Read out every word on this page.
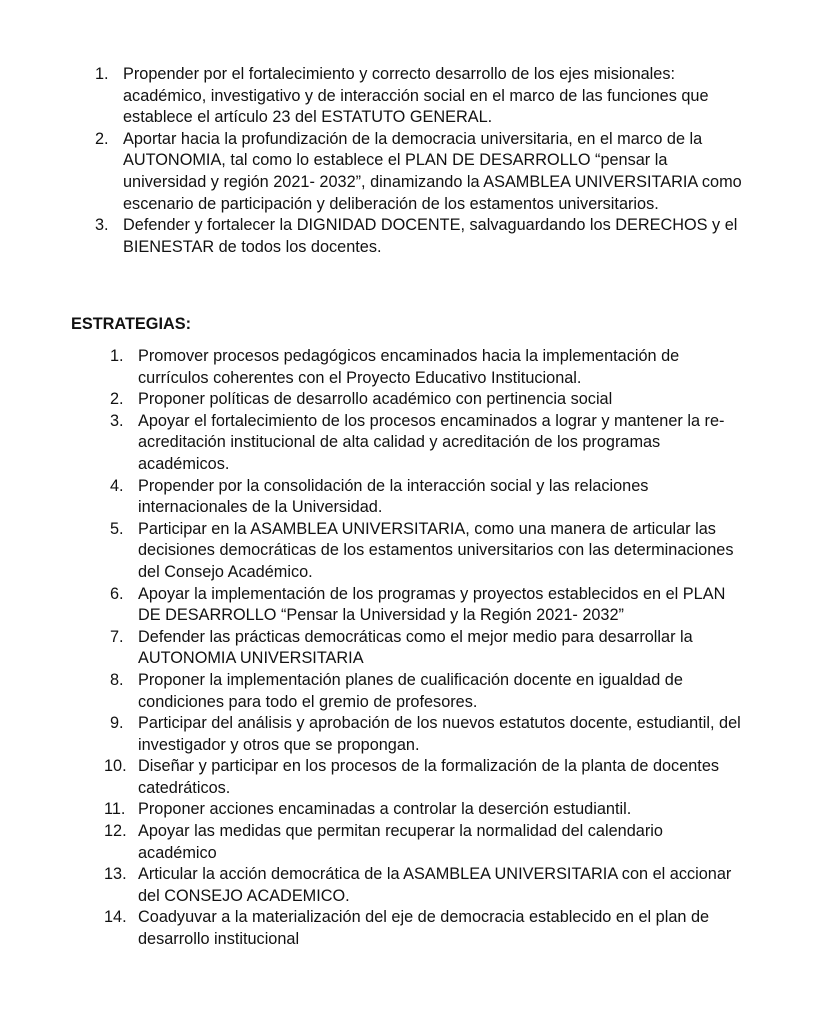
1. Propender por el fortalecimiento y correcto desarrollo de los ejes misionales: académico, investigativo y de interacción social en el marco de las funciones que establece el artículo 23 del ESTATUTO GENERAL.
2. Aportar hacia la profundización de la democracia universitaria, en el marco de la AUTONOMIA, tal como lo establece el PLAN DE DESARROLLO “pensar la universidad y región 2021- 2032”, dinamizando la ASAMBLEA UNIVERSITARIA como escenario de participación y deliberación de los estamentos universitarios.
3. Defender y fortalecer la DIGNIDAD DOCENTE, salvaguardando los DERECHOS y el BIENESTAR de todos los docentes.
ESTRATEGIAS:
1. Promover procesos pedagógicos encaminados hacia la implementación de currículos coherentes con el Proyecto Educativo Institucional.
2. Proponer políticas de desarrollo académico con pertinencia social
3. Apoyar el fortalecimiento de los procesos encaminados a lograr y mantener la re-acreditación institucional de alta calidad y acreditación de los programas académicos.
4. Propender por la consolidación de la interacción social y las relaciones internacionales de la Universidad.
5. Participar en la ASAMBLEA UNIVERSITARIA, como una manera de articular las decisiones democráticas de los estamentos universitarios con las determinaciones del Consejo Académico.
6. Apoyar la implementación de los programas y proyectos establecidos en el PLAN DE DESARROLLO “Pensar la Universidad y la Región 2021- 2032”
7. Defender las prácticas democráticas como el mejor medio para desarrollar la AUTONOMIA UNIVERSITARIA
8. Proponer la implementación planes de cualificación docente en igualdad de condiciones para todo el gremio de profesores.
9. Participar del análisis y aprobación de los nuevos estatutos docente, estudiantil, del investigador y otros que se propongan.
10. Diseñar y participar en los procesos de la formalización de la planta de docentes catedráticos.
11. Proponer acciones encaminadas a controlar la deserción estudiantil.
12. Apoyar las medidas que permitan recuperar la normalidad del calendario académico
13. Articular la acción democrática de la ASAMBLEA UNIVERSITARIA con el accionar del CONSEJO ACADEMICO.
14. Coadyuvar a la materialización del eje de democracia establecido en el plan de desarrollo institucional
